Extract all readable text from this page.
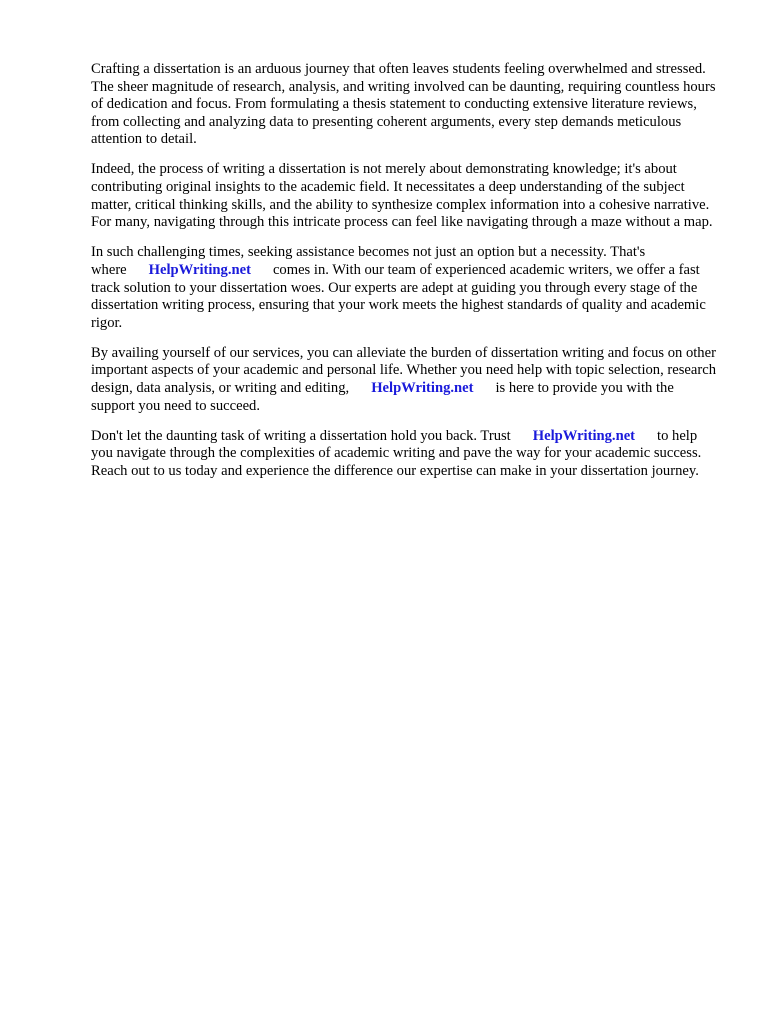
Crafting a dissertation is an arduous journey that often leaves students feeling overwhelmed and stressed. The sheer magnitude of research, analysis, and writing involved can be daunting, requiring countless hours of dedication and focus. From formulating a thesis statement to conducting extensive literature reviews, from collecting and analyzing data to presenting coherent arguments, every step demands meticulous attention to detail.

Indeed, the process of writing a dissertation is not merely about demonstrating knowledge; it's about contributing original insights to the academic field. It necessitates a deep understanding of the subject matter, critical thinking skills, and the ability to synthesize complex information into a cohesive narrative. For many, navigating through this intricate process can feel like navigating through a maze without a map.

In such challenging times, seeking assistance becomes not just an option but a necessity. That's where HelpWriting.net comes in. With our team of experienced academic writers, we offer a fast track solution to your dissertation woes. Our experts are adept at guiding you through every stage of the dissertation writing process, ensuring that your work meets the highest standards of quality and academic rigor.

By availing yourself of our services, you can alleviate the burden of dissertation writing and focus on other important aspects of your academic and personal life. Whether you need help with topic selection, research design, data analysis, or writing and editing, HelpWriting.net is here to provide you with the support you need to succeed.

Don't let the daunting task of writing a dissertation hold you back. Trust HelpWriting.net to help you navigate through the complexities of academic writing and pave the way for your academic success. Reach out to us today and experience the difference our expertise can make in your dissertation journey.
